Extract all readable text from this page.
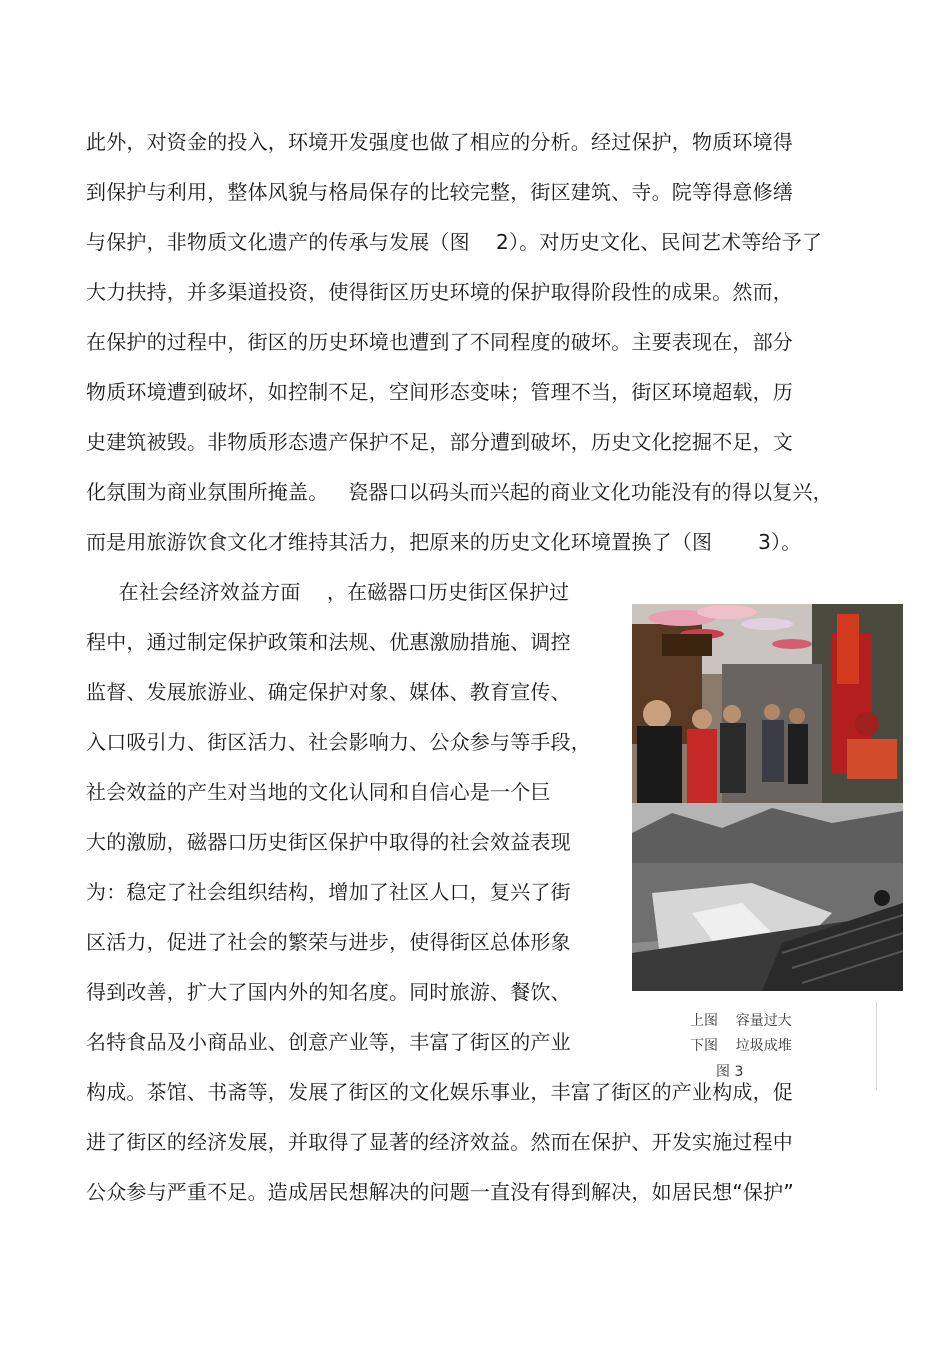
此外，对资金的投入，环境开发强度也做了相应的分析。经过保护，物质环境得
到保护与利用，整体风貌与格局保存的比较完整，街区建筑、寺。院等得意修缮
与保护，非物质文化遗产的传承与发展（图    2）。对历史文化、民间艺术等给予了
大力扶持，并多渠道投资，使得街区历史环境的保护取得阶段性的成果。然而，
在保护的过程中，街区的历史环境也遭到了不同程度的破坏。主要表现在，部分
物质环境遭到破坏，如控制不足，空间形态变味；管理不当，街区环境超载，历
史建筑被毁。非物质形态遗产保护不足，部分遭到破坏，历史文化挖掘不足，文
化氛围为商业氛围所掩盖。   瓷器口以码头而兴起的商业文化功能没有的得以复兴，
而是用旅游饮食文化才维持其活力，把原来的历史文化环境置换了（图       3）。
在社会经济效益方面    ，在磁器口历史街区保护过
程中，通过制定保护政策和法规、优惠激励措施、调控
监督、发展旅游业、确定保护对象、媒体、教育宣传、
入口吸引力、街区活力、社会影响力、公众参与等手段，
社会效益的产生对当地的文化认同和自信心是一个巨
大的激励，磁器口历史街区保护中取得的社会效益表现
为：稳定了社会组织结构，增加了社区人口，复兴了街
区活力，促进了社会的繁荣与进步，使得街区总体形象
得到改善，扩大了国内外的知名度。同时旅游、餐饮、
名特食品及小商品业、创意产业等，丰富了街区的产业
构成。茶馆、书斋等，发展了街区的文化娱乐事业，丰富了街区的产业构成，促
进了街区的经济发展，并取得了显著的经济效益。然而在保护、开发实施过程中
公众参与严重不足。造成居民想解决的问题一直没有得到解决，如居民想“保护”
上图    容量过大
下图    垃圾成堆
图 3
